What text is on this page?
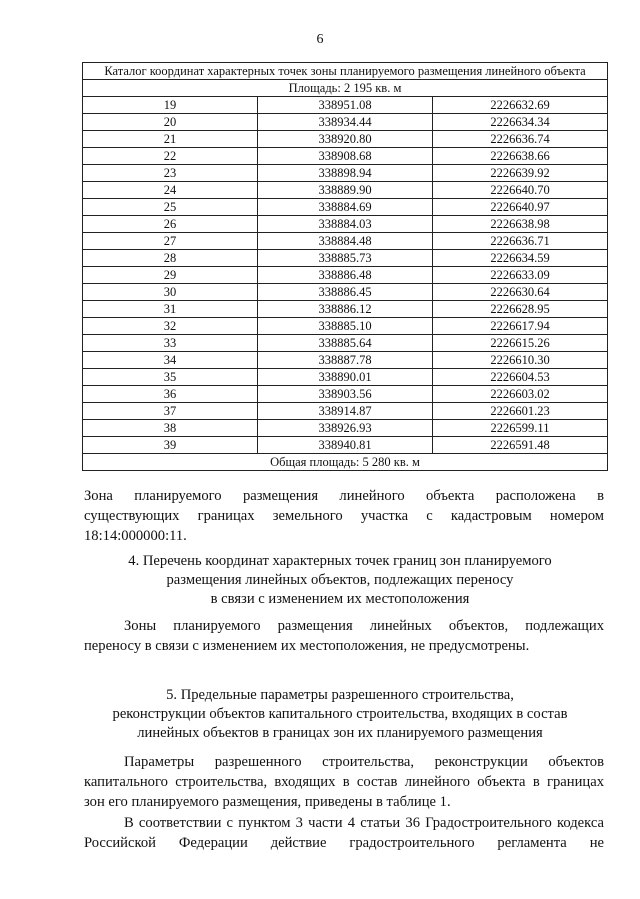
6
Каталог координат характерных точек зоны планируемого размещения линейного объекта		
Площадь: 2 195 кв. м		
19	338951.08	2226632.69
20	338934.44	2226634.34
21	338920.80	2226636.74
22	338908.68	2226638.66
23	338898.94	2226639.92
24	338889.90	2226640.70
25	338884.69	2226640.97
26	338884.03	2226638.98
27	338884.48	2226636.71
28	338885.73	2226634.59
29	338886.48	2226633.09
30	338886.45	2226630.64
31	338886.12	2226628.95
32	338885.10	2226617.94
33	338885.64	2226615.26
34	338887.78	2226610.30
35	338890.01	2226604.53
36	338903.56	2226603.02
37	338914.87	2226601.23
38	338926.93	2226599.11
39	338940.81	2226591.48
Общая площадь: 5 280 кв. м		
Зона планируемого размещения линейного объекта расположена в
существующих границах земельного участка с кадастровым номером
18:14:000000:11.
4. Перечень координат характерных точек границ зон планируемого
размещения линейных объектов, подлежащих переносу
в связи с изменением их местоположения
Зоны планируемого размещения линейных объектов, подлежащих
переносу в связи с изменением их местоположения, не предусмотрены.
5. Предельные параметры разрешенного строительства,
реконструкции объектов капитального строительства, входящих в состав
линейных объектов в границах зон их планируемого размещения
Параметры разрешенного строительства, реконструкции объектов
капитального строительства, входящих в состав линейного объекта в границах
зон его планируемого размещения, приведены в таблице 1.
В соответствии с пунктом 3 части 4 статьи 36 Градостроительного кодекса
Российской Федерации действие градостроительного регламента не
